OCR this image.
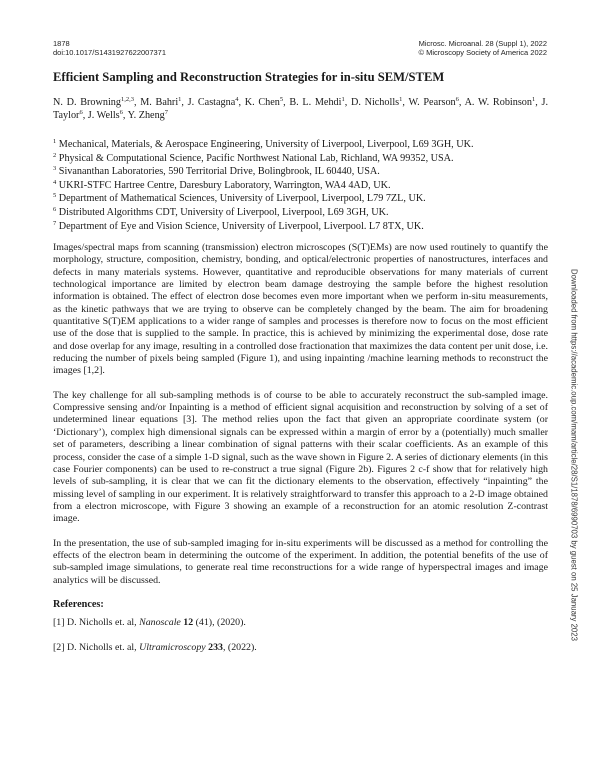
1878
doi:10.1017/S1431927622007371
Microsc. Microanal. 28 (Suppl 1), 2022
© Microscopy Society of America 2022
Efficient Sampling and Reconstruction Strategies for in-situ SEM/STEM
N. D. Browning$^{1,2,3}$, M. Bahri$^1$, J. Castagna$^4$, K. Chen$^5$, B. L. Mehdi$^1$, D. Nicholls$^1$, W. Pearson$^6$, A. W. Robinson$^1$, J. Taylor$^6$, J. Wells$^6$, Y. Zheng$^7$
$^1$ Mechanical, Materials, & Aerospace Engineering, University of Liverpool, Liverpool, L69 3GH, UK.
$^2$ Physical & Computational Science, Pacific Northwest National Lab, Richland, WA 99352, USA.
$^3$ Sivananthan Laboratories, 590 Territorial Drive, Bolingbrook, IL 60440, USA.
$^4$ UKRI-STFC Hartree Centre, Daresbury Laboratory, Warrington, WA4 4AD, UK.
$^5$ Department of Mathematical Sciences, University of Liverpool, Liverpool, L79 7ZL, UK.
$^6$ Distributed Algorithms CDT, University of Liverpool, Liverpool, L69 3GH, UK.
$^7$ Department of Eye and Vision Science, University of Liverpool, Liverpool. L7 8TX, UK.

Images/spectral maps from scanning (transmission) electron microscopes (S(T)EMs) are now used routinely to quantify the morphology, structure, composition, chemistry, bonding, and optical/electronic properties of nanostructures, interfaces and defects in many materials systems. However, quantitative and reproducible observations for many materials of current technological importance are limited by electron beam damage destroying the sample before the highest resolution information is obtained. The effect of electron dose becomes even more important when we perform in-situ measurements, as the kinetic pathways that we are trying to observe can be completely changed by the beam. The aim for broadening quantitative S(T)EM applications to a wider range of samples and processes is therefore now to focus on the most efficient use of the dose that is supplied to the sample. In practice, this is achieved by minimizing the experimental dose, dose rate and dose overlap for any image, resulting in a controlled dose fractionation that maximizes the data content per unit dose, i.e. reducing the number of pixels being sampled (Figure 1), and using inpainting /machine learning methods to reconstruct the images [1,2].

The key challenge for all sub-sampling methods is of course to be able to accurately reconstruct the sub-sampled image. Compressive sensing and/or Inpainting is a method of efficient signal acquisition and reconstruction by solving of a set of undetermined linear equations [3]. The method relies upon the fact that given an appropriate coordinate system (or ‘Dictionary’), complex high dimensional signals can be expressed within a margin of error by a (potentially) much smaller set of parameters, describing a linear combination of signal patterns with their scalar coefficients. As an example of this process, consider the case of a simple 1-D signal, such as the wave shown in Figure 2. A series of dictionary elements (in this case Fourier components) can be used to re-construct a true signal (Figure 2b). Figures 2 c-f show that for relatively high levels of sub-sampling, it is clear that we can fit the dictionary elements to the observation, effectively “inpainting” the missing level of sampling in our experiment. It is relatively straightforward to transfer this approach to a 2-D image obtained from a electron microscope, with Figure 3 showing an example of a reconstruction for an atomic resolution Z-contrast image.

In the presentation, the use of sub-sampled imaging for in-situ experiments will be discussed as a method for controlling the effects of the electron beam in determining the outcome of the experiment. In addition, the potential benefits of the use of sub-sampled image simulations, to generate real time reconstructions for a wide range of hyperspectral images and image analytics will be discussed.

References:

[1] D. Nicholls et. al, Nanoscale 12 (41), (2020).

[2] D. Nicholls et. al, Ultramicroscopy 233, (2022).

Downloaded from https://academic.oup.com/mam/article/28/S1/1878/6990703 by guest on 25 January 2023
